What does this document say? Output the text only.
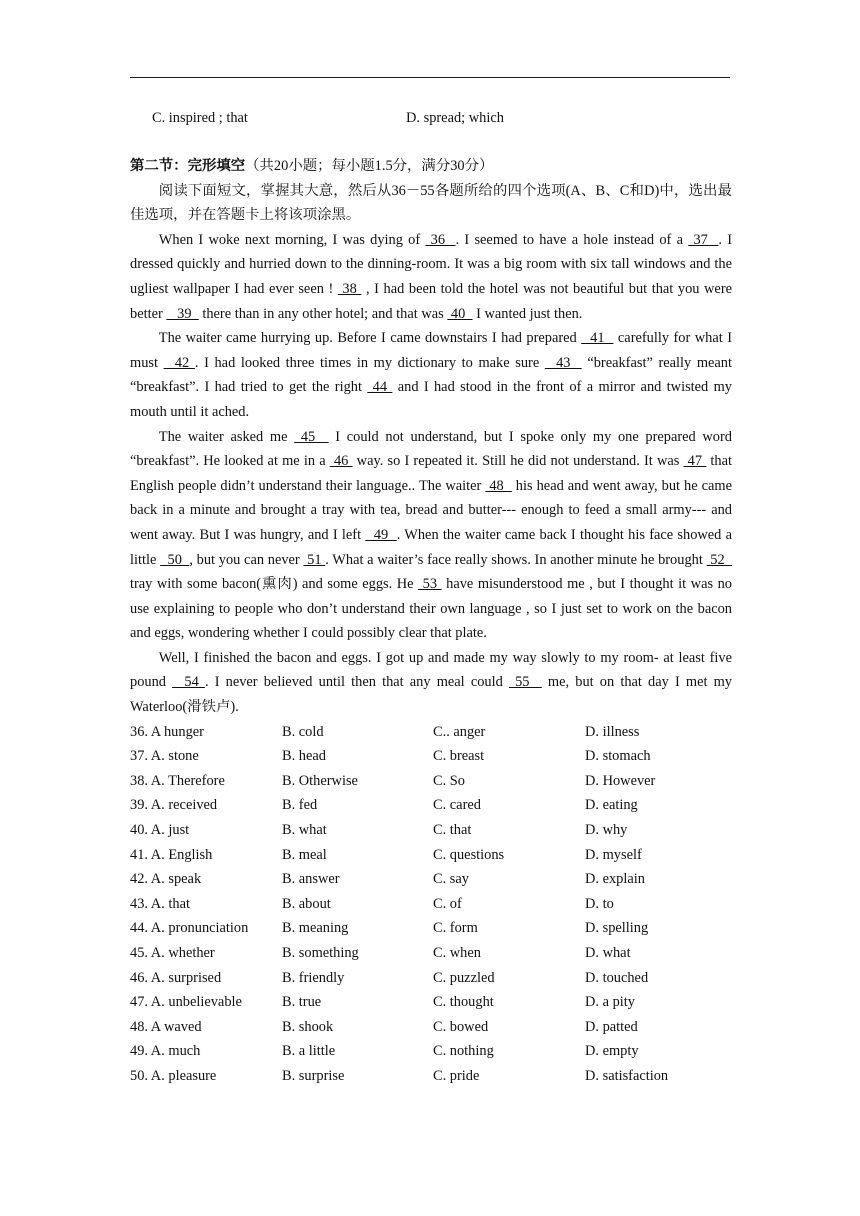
C. inspired ; that	D. spread; which
第二节：完形填空（共20小题；每小题1.5分，满分30分）

阅读下面短文，掌握其大意，然后从36－55各题所给的四个选项(A、B、C和D)中，选出最佳选项，并在答题卡上将该项涂黑。

When I woke next morning, I was dying of  36  . I seemed to have a hole instead of a  37  . I dressed quickly and hurried down to the dinning-room. It was a big room with six tall windows and the ugliest wallpaper I had ever seen !  38  , I had been told the hotel was not beautiful but that you were better    39   there than in any other hotel; and that was  40   I wanted just then.

The waiter came hurrying up. Before I came downstairs I had prepared   41   carefully for what I must   42 . I had looked three times in my dictionary to make sure   43   “breakfast” really meant “breakfast”. I had tried to get the right  44  and I had stood in the front of a mirror and twisted my mouth until it ached.

The waiter asked me  45   I could not understand, but I spoke only my one prepared word “breakfast”. He looked at me in a  46  way. so I repeated it. Still he did not understand. It was  47  that English people didn’t understand their language.. The waiter  48   his head and went away, but he came back in a minute and brought a tray with tea, bread and butter--- enough to feed a small army--- and went away. But I was hungry, and I left   49  . When the waiter came back I thought his face showed a little   50  , but you can never  51 . What a waiter’s face really shows. In another minute he brought  52   tray with some bacon(熏肉) and some eggs. He  53  have misunderstood me , but I thought it was no use explaining to people who don’t understand their own language , so I just set to work on the bacon and eggs, wondering whether I could possibly clear that plate.

Well, I finished the bacon and eggs. I got up and made my way slowly to my room- at least five pound   54 . I never believed until then that any meal could  55   me, but on that day I met my Waterloo(滑铁卢).

36. A hunger	B. cold	C.. anger	D. illness
37. A. stone	B. head	C. breast	D. stomach
38. A. Therefore	B. Otherwise	C. So	D. However
39. A. received	B. fed	C. cared	D. eating
40. A. just	B. what	C. that	D. why
41. A. English	B. meal	C. questions	D. myself
42. A. speak	B. answer	C. say	D. explain
43. A. that	B. about	C. of	D. to
44. A. pronunciation	B. meaning	C. form	D. spelling
45. A. whether	B. something	C. when	D. what
46. A. surprised	B. friendly	C. puzzled	D. touched
47. A. unbelievable	B. true	C. thought	D. a pity
48. A waved	B. shook	C. bowed	D. patted
49. A. much	B. a little	C. nothing	D. empty
50. A. pleasure	B. surprise	C. pride	D. satisfaction
